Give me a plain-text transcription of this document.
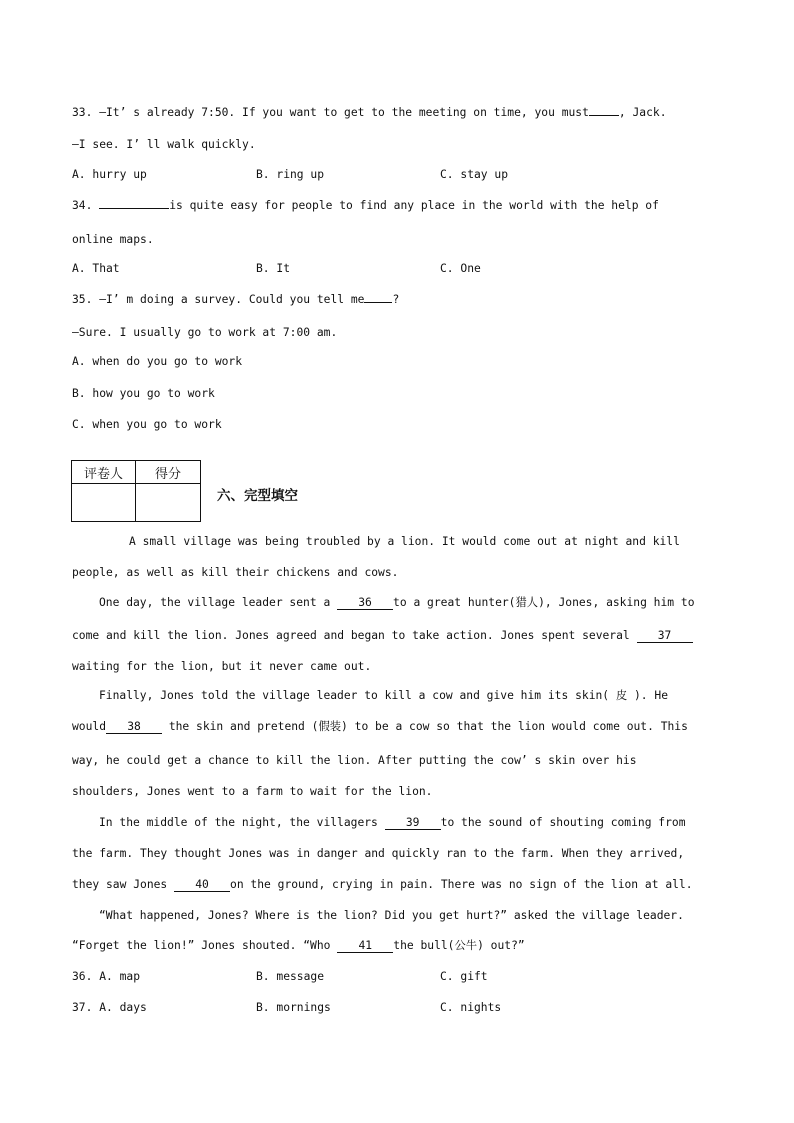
33. —It’ s already 7:50. If you want to get to the meeting on time, you must	, Jack.
—I see. I’ ll walk quickly.
A. hurry up	B. ring up	C. stay up
34.	is quite easy for people to find any place in the world with the help of
online maps.
A. That	B. It	C. One
35. —I’ m doing a survey. Could you tell me ?
—Sure. I usually go to work at 7:00 am.
A. when do you go to work
B. how you go to work
C. when you go to work
评卷人	得分

六、完型填空
A small village was being troubled by a lion. It would come out at night and kill
people, as well as kill their chickens and cows.
One day, the village leader sent a 36 to a great hunter(猎人), Jones, asking him to
come and kill the lion. Jones agreed and began to take action. Jones spent several 37
waiting for the lion, but it never came out.
Finally, Jones told the village leader to kill a cow and give him its skin( 皮 ). He
would 38 the skin and pretend (假装) to be a cow so that the lion would come out. This
way, he could get a chance to kill the lion. After putting the cow’ s skin over his
shoulders, Jones went to a farm to wait for the lion.
In the middle of the night, the villagers 39 to the sound of shouting coming from
the farm. They thought Jones was in danger and quickly ran to the farm. When they arrived,
they saw Jones 40 on the ground, crying in pain. There was no sign of the lion at all.
“What happened, Jones? Where is the lion? Did you get hurt?” asked the village leader.
“Forget the lion!” Jones shouted. “Who 41 the bull(公牛) out?”
36. A. map	B. message	C. gift
37. A. days	B. mornings	C. nights
